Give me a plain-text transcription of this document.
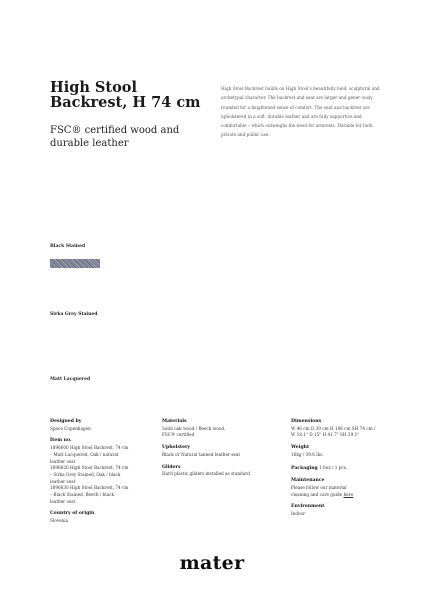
High Stool Backrest, H 74 cm
FSC® certified wood and durable leather
High Stool Backrest builds on High Stool's beautifully bold, sculptural and archetypal character. The backrest and seat are larger and gener ously rounded for a heightened sense of comfort. The seat and backrest are upholstered in a soft, durable leather and are fully supportive and comfortable – which outweighs the need for armrests. Durable for both private and public use.
Black Stained
Sirka Grey Stained
Matt Lacquered
Designed by
Space Copenhagen
Item no.
1896600 High Stool Backrest, 74 cm
– Matt Lacquered, Oak / natural
leather seat
1896620 High Stool Backrest, 74 cm
– Sirka Grey Stained, Oak / black
leather seat
1896630 High Stool Backrest, 74 cm
– Black Stained, Beech / black
leather seat
Country of origin
Slovenia
Materials
Solid oak wood / Beech wood,
FSC® certified
Upholstery
Black or Natural tanned leather seat
Gliders
Hard plastic gliders installed as standard
Dimensions
W 46 cm D 39 cm H 106 cm SH 74 cm /
W 18.1" D 15" H 41.7" SH 29.1"
Weight
16kg / 39.6 lbs.
Packaging 1 box / 1 pcs.
Maintenance
Please follow our material
cleaning and care guide here
Environment
Indoor
mater
